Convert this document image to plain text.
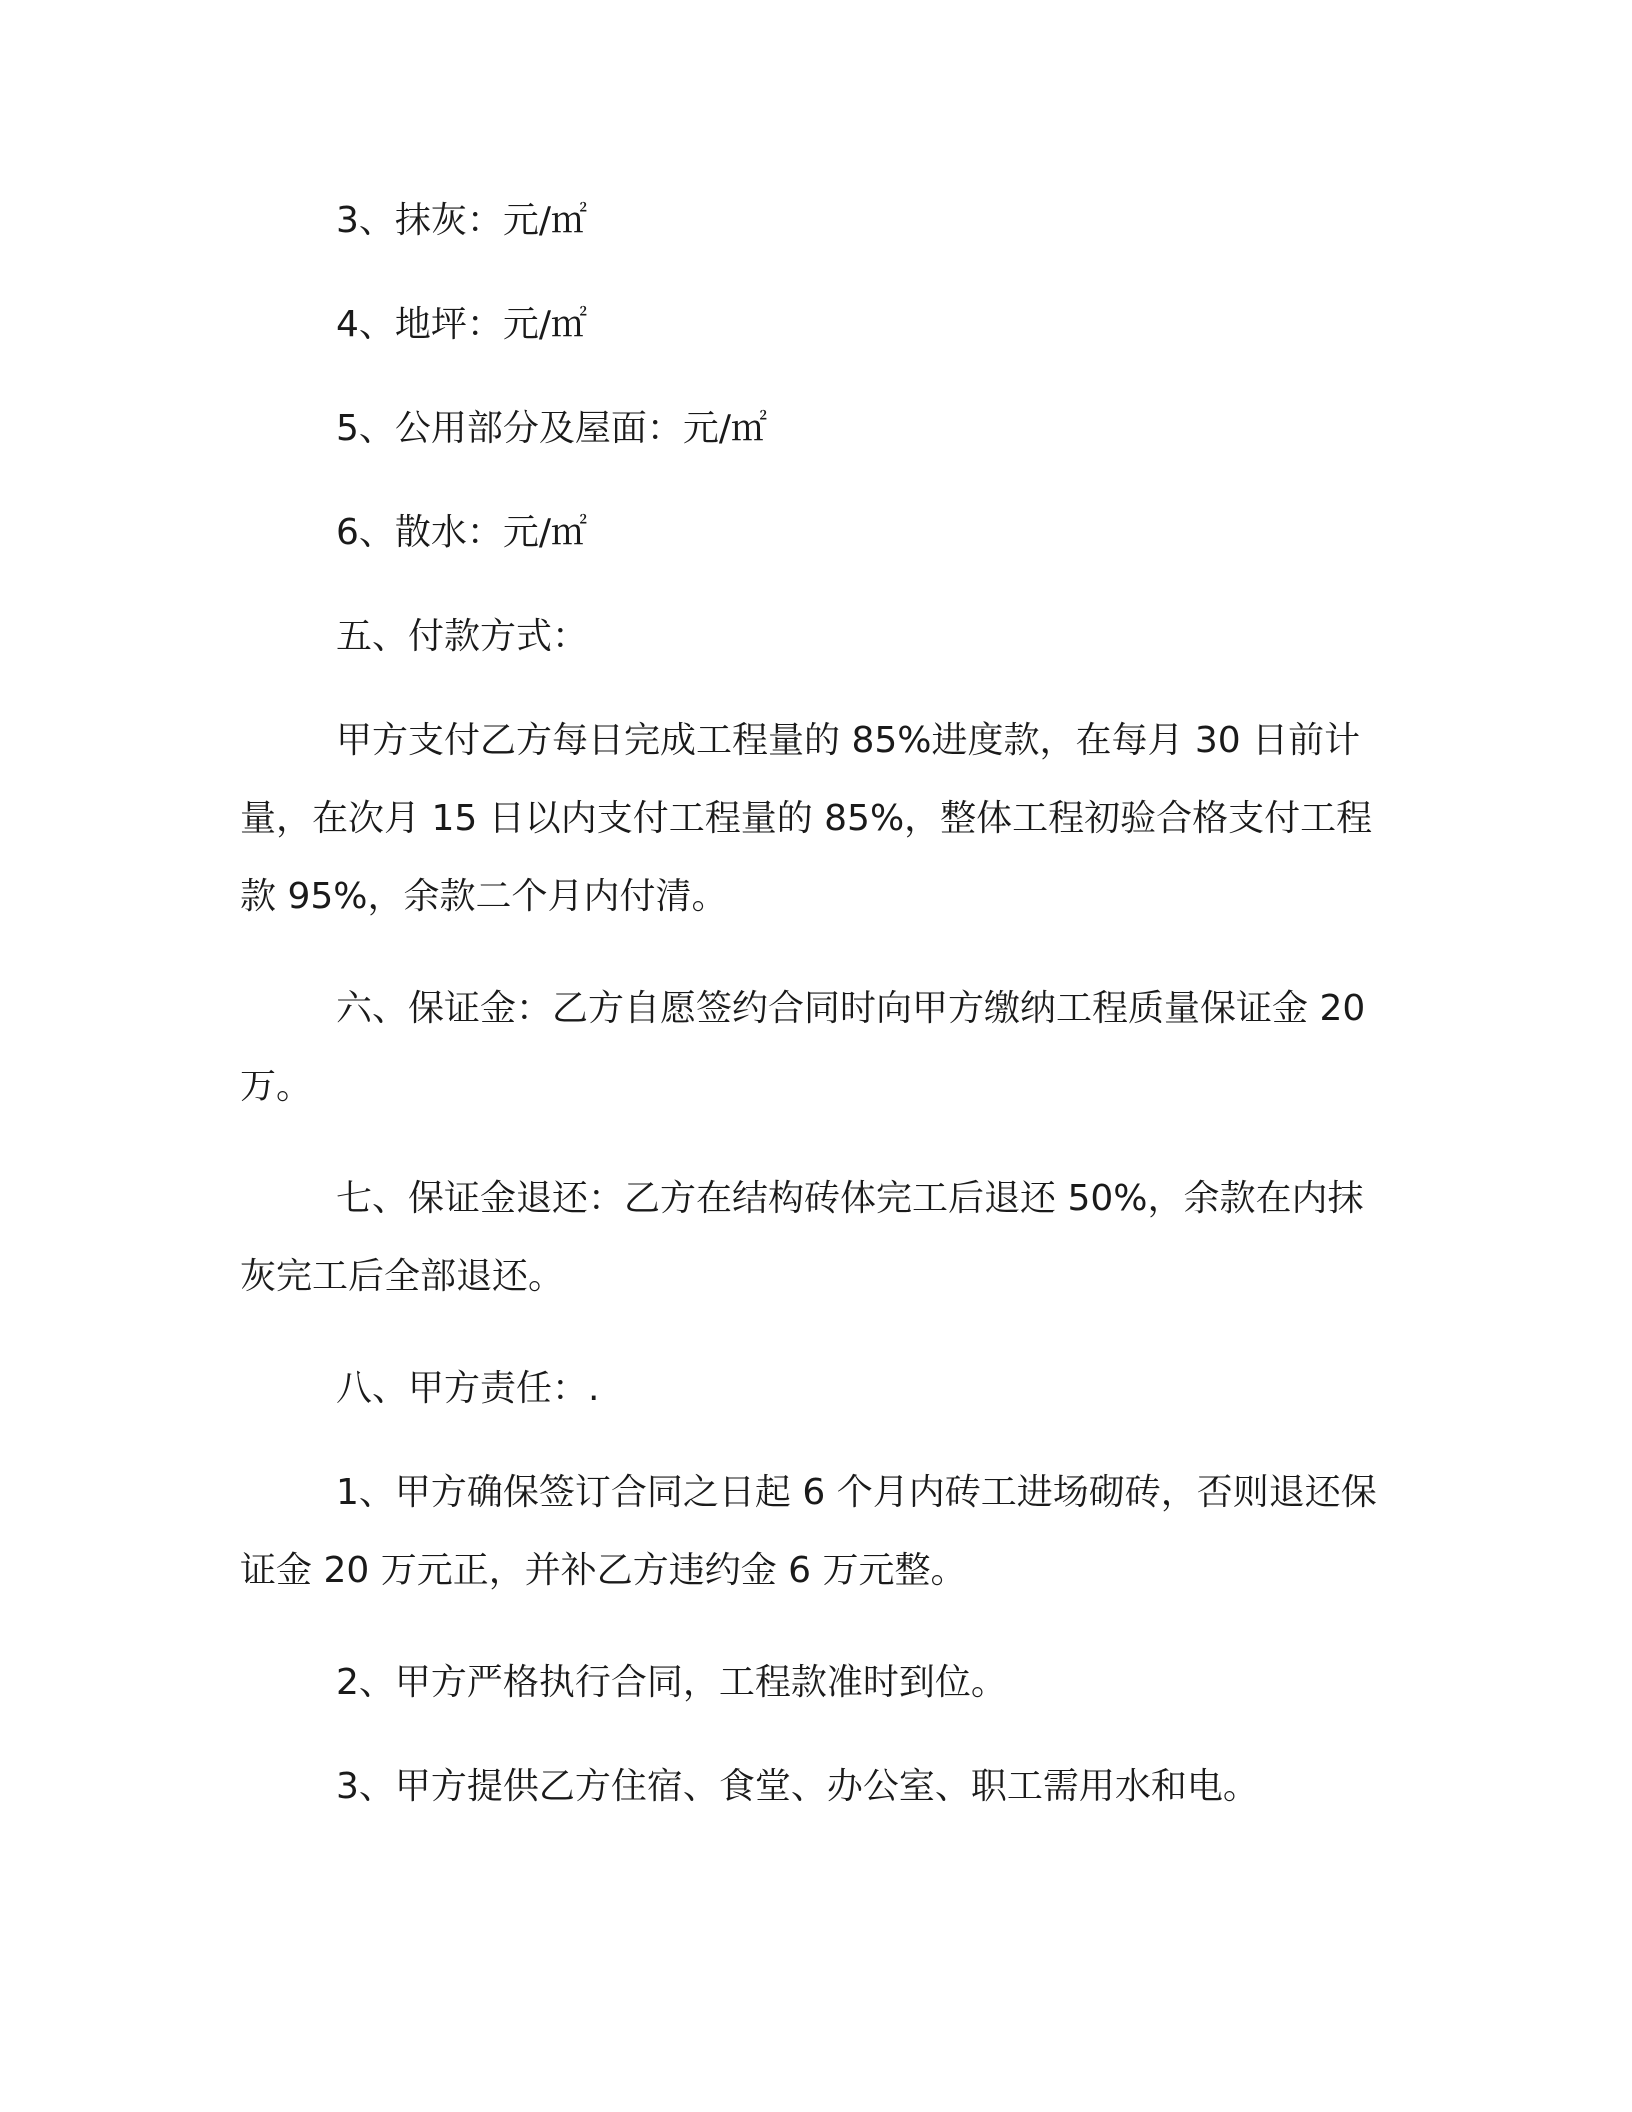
3、抹灰：元/㎡

4、地坪：元/㎡

5、公用部分及屋面：元/㎡

6、散水：元/㎡

五、付款方式：

甲方支付乙方每日完成工程量的 85%进度款，在每月 30 日前计量，在次月 15 日以内支付工程量的 85%，整体工程初验合格支付工程款 95%，余款二个月内付清。

六、保证金：乙方自愿签约合同时向甲方缴纳工程质量保证金 20 万。

七、保证金退还：乙方在结构砖体完工后退还 50%，余款在内抹灰完工后全部退还。

八、甲方责任：.

1、甲方确保签订合同之日起 6 个月内砖工进场砌砖，否则退还保证金 20 万元正，并补乙方违约金 6 万元整。

2、甲方严格执行合同，工程款准时到位。

3、甲方提供乙方住宿、食堂、办公室、职工需用水和电。
